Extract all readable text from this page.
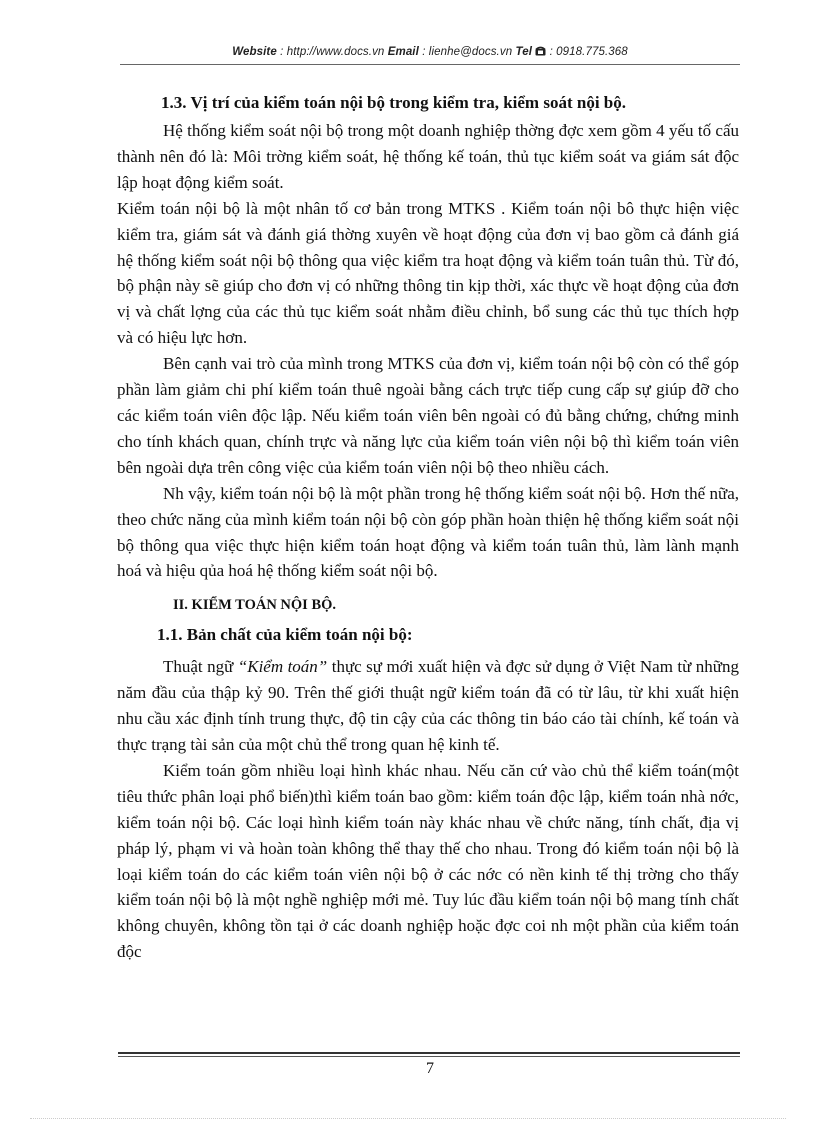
Website : http://www.docs.vn Email : lienhe@docs.vn Tel  : 0918.775.368
1.3. Vị trí của kiểm toán nội bộ trong kiểm tra, kiểm soát nội bộ.

Hệ thống kiểm soát nội bộ trong một doanh nghiệp thờng đợc xem gồm 4 yếu tố cấu thành nên đó là: Môi trờng kiểm soát, hệ thống kế toán, thủ tục kiểm soát va giám sát độc lập hoạt động kiểm soát.

Kiểm toán nội bộ là một nhân tố cơ bản trong MTKS . Kiểm toán nội bô thực hiện việc kiểm tra, giám sát và đánh giá thờng xuyên về hoạt động của đơn vị bao gồm cả đánh giá hệ thống kiểm soát nội bộ thông qua việc kiểm tra hoạt động và kiểm toán tuân thủ. Từ đó, bộ phận này sẽ giúp cho đơn vị có những thông tin kịp thời, xác thực về hoạt động của đơn vị và chất lợng của các thủ tục kiểm soát nhằm điều chỉnh, bổ sung các thủ tục thích hợp và có hiệu lực hơn.

Bên cạnh vai trò của mình trong MTKS của đơn vị, kiểm toán nội bộ còn có thể góp phần làm giảm chi phí kiểm toán thuê ngoài bằng cách trực tiếp cung cấp sự giúp đỡ cho các kiểm toán viên độc lập. Nếu kiểm toán viên bên ngoài có đủ bằng chứng, chứng minh cho tính khách quan, chính trực và năng lực của kiểm toán viên nội bộ thì kiểm toán viên bên ngoài dựa trên công việc của kiểm toán viên nội bộ theo nhiều cách.

Nh vậy, kiểm toán nội bộ là một phần trong hệ thống kiểm soát nội bộ. Hơn thế nữa, theo chức năng của mình kiểm toán nội bộ còn góp phần hoàn thiện hệ thống kiểm soát nội bộ thông qua việc thực hiện kiểm toán hoạt động và kiểm toán tuân thủ, làm lành mạnh hoá và hiệu qủa hoá hệ thống kiểm soát nội bộ.

II. KIỂM TOÁN NỘI BỘ.
1.1. Bản chất của kiểm toán nội bộ:

Thuật ngữ “Kiểm toán” thực sự mới xuất hiện và đợc sử dụng ở Việt Nam từ những năm đầu của thập kỷ 90. Trên thế giới thuật ngữ kiểm toán đã có từ lâu, từ khi xuất hiện nhu cầu xác định tính trung thực, độ tin cậy của các thông tin báo cáo tài chính, kế toán và thực trạng tài sản của một chủ thể trong quan hệ kinh tế.

Kiểm toán gồm nhiều loại hình khác nhau. Nếu căn cứ vào chủ thể kiểm toán(một tiêu thức phân loại phổ biến)thì kiểm toán bao gồm: kiểm toán độc lập, kiểm toán nhà nớc, kiểm toán nội bộ. Các loại hình kiểm toán này khác nhau về chức năng, tính chất, địa vị pháp lý, phạm vi và hoàn toàn không thể thay thế cho nhau. Trong đó kiểm toán nội bộ là loại kiểm toán do các kiểm toán viên nội bộ ở các nớc có nền kinh tế thị trờng cho thấy kiểm toán nội bộ là một nghề nghiệp mới mẻ. Tuy lúc đầu kiểm toán nội bộ mang tính chất không chuyên, không tồn tại ở các doanh nghiệp hoặc đợc coi nh một phần của kiểm toán độc

7
